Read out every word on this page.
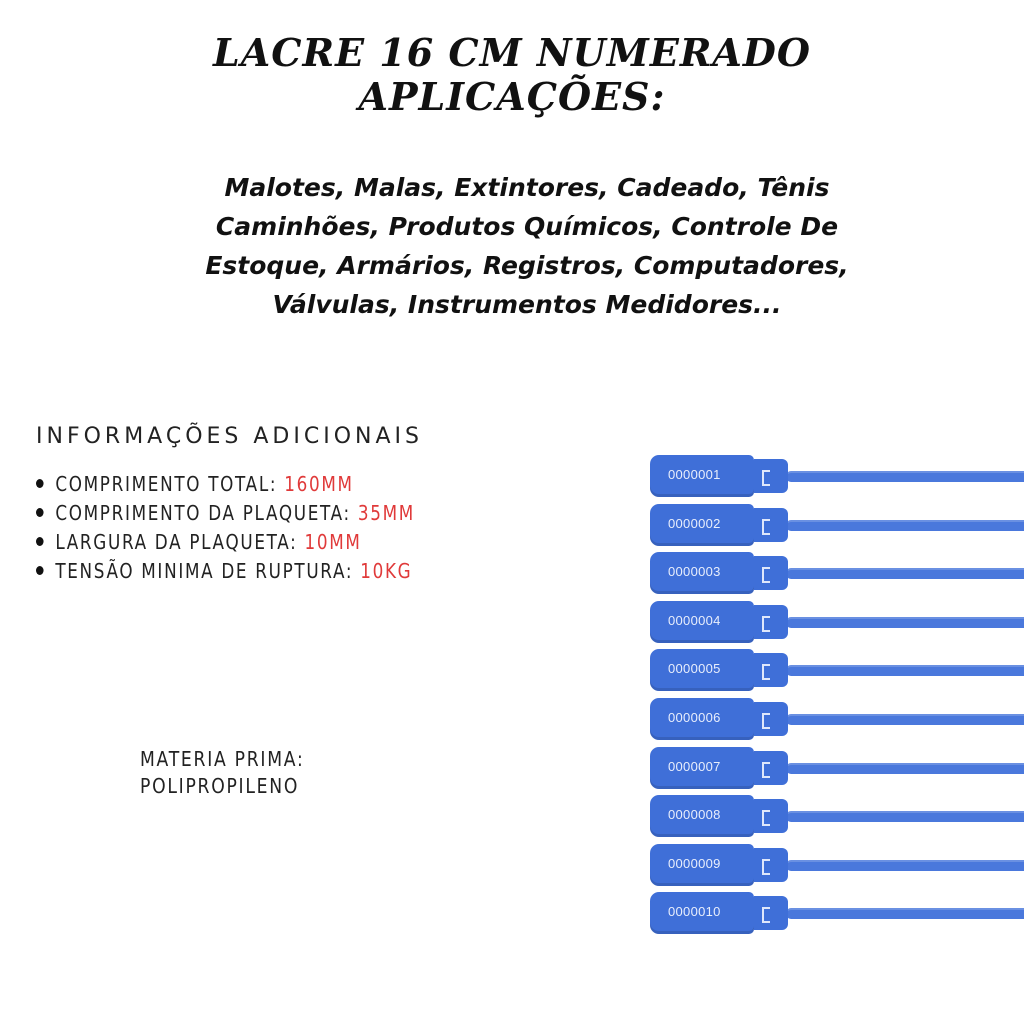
LACRE 16 CM NUMERADO
APLICAÇÕES:
Malotes, Malas, Extintores, Cadeado, Tênis
Caminhões, Produtos Químicos, Controle De
Estoque, Armários, Registros, Computadores,
Válvulas, Instrumentos Medidores...
INFORMAÇÕES ADICIONAIS
COMPRIMENTO TOTAL: 160MM
COMPRIMENTO DA PLAQUETA: 35MM
LARGURA DA PLAQUETA: 10MM
TENSÃO MINIMA DE RUPTURA: 10KG
MATERIA PRIMA:
POLIPROPILENO
0000001
0000002
0000003
0000004
0000005
0000006
0000007
0000008
0000009
0000010
